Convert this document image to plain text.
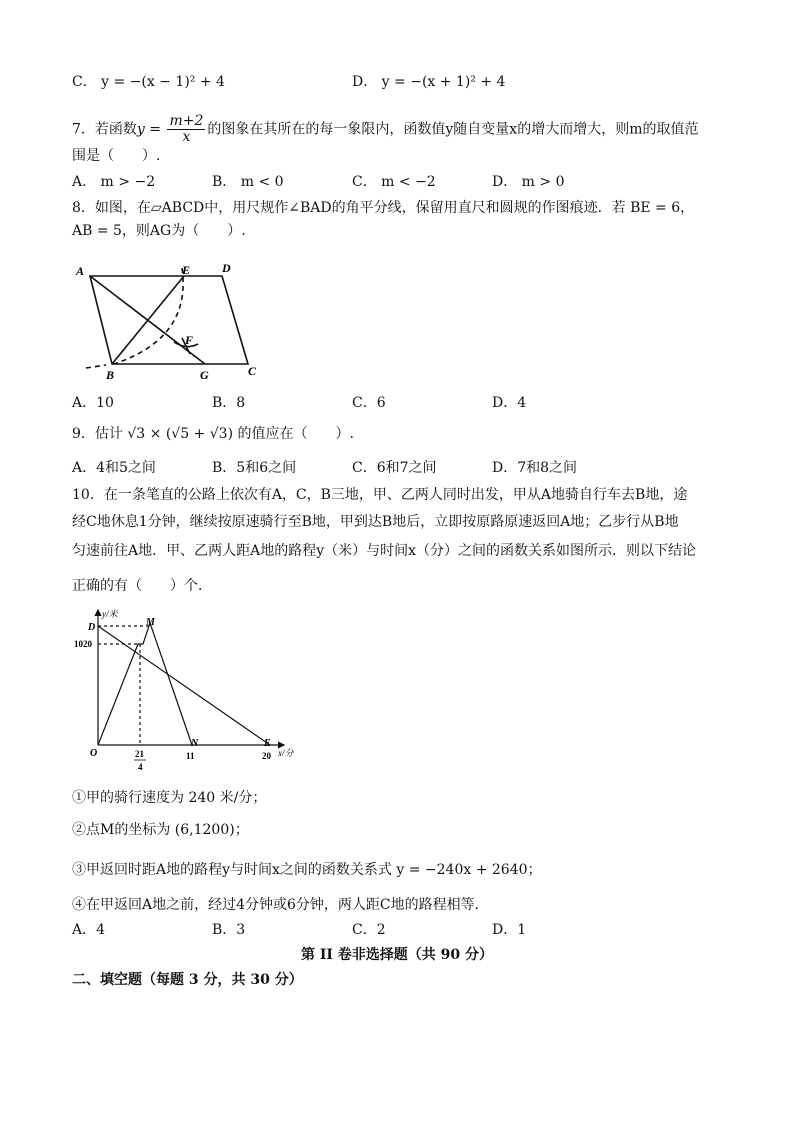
C． y = −(x − 1)² + 4	D． y = −(x + 1)² + 4
7．若函数$y = \frac{m+2}{x}$ 的图象在其所在的每一象限内，函数值y随自变量x的增大而增大，则m的取值范
围是（　　）.
A． m > −2	B． m < 0	C． m < −2	D． m > 0
8．如图，在▱ABCD中，用尺规作∠BAD的角平分线，保留用直尺和圆规的作图痕迹．若 BE = 6，
AB = 5，则AG为（　　）.
A	E	D
F
B	G	C
A．10	B．8	C．6	D．4
9．估计 √3 × (√5 + √3) 的值应在（　　）.
A．4和5之间	B．5和6之间	C．6和7之间	D．7和8之间
10．在一条笔直的公路上依次有A，C，B三地，甲、乙两人同时出发，甲从A地骑自行车去B地，途
经C地休息1分钟，继续按原速骑行至B地，甲到达B地后，立即按原路原速返回A地；乙步行从B地
匀速前往A地．甲、乙两人距A地的路程y（米）与时间x（分）之间的函数关系如图所示．则以下结论
正确的有（　　）个．
y/米
D	M
1020
O	21
4
N
11
E
20 x/分
①甲的骑行速度为 240 米/分；
②点M的坐标为 (6,1200)；
③甲返回时距A地的路程y与时间x之间的函数关系式 y = −240x + 2640；
④在甲返回A地之前，经过4分钟或6分钟，两人距C地的路程相等．
A．4	B．3	C．2	D．1
第 II 卷非选择题（共 90 分）
二、填空题（每题 3 分，共 30 分）
